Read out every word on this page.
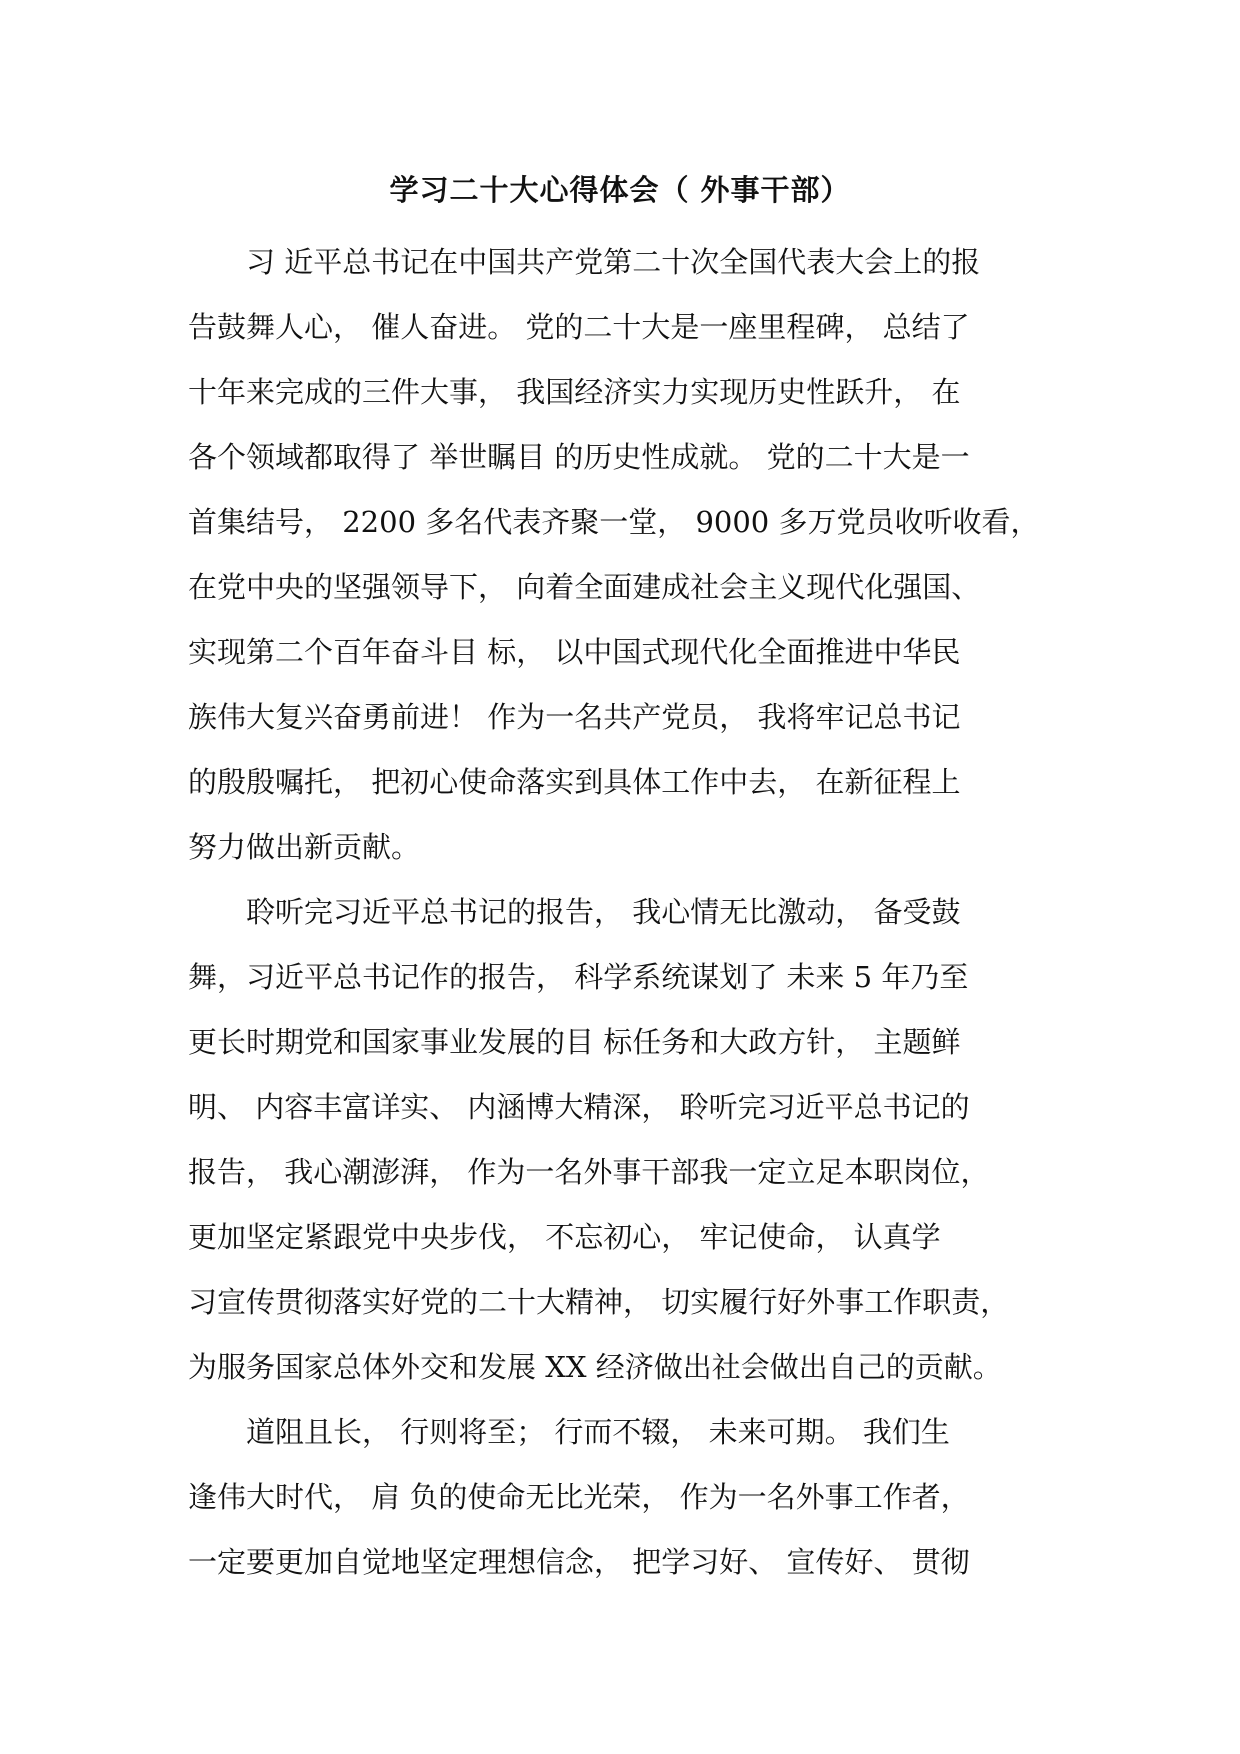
学习二十大心得体会（ 外事干部）
　　习 近平总书记在中国共产党第二十次全国代表大会上的报
告鼓舞人心， 催人奋进。 党的二十大是一座里程碑， 总结了
十年来完成的三件大事， 我国经济实力实现历史性跃升， 在
各个领域都取得了 举世瞩目 的历史性成就。 党的二十大是一
首集结号， 2200 多名代表齐聚一堂， 9000 多万党员收听收看，
在党中央的坚强领导下， 向着全面建成社会主义现代化强国、
实现第二个百年奋斗目 标， 以中国式现代化全面推进中华民
族伟大复兴奋勇前进！ 作为一名共产党员， 我将牢记总书记
的殷殷嘱托， 把初心使命落实到具体工作中去， 在新征程上
努力做出新贡献。
　　聆听完习近平总书记的报告， 我心情无比激动， 备受鼓
舞，习近平总书记作的报告， 科学系统谋划了 未来 5 年乃至
更长时期党和国家事业发展的目 标任务和大政方针， 主题鲜
明、 内容丰富详实、 内涵博大精深， 聆听完习近平总书记的
报告， 我心潮澎湃， 作为一名外事干部我一定立足本职岗位，
更加坚定紧跟党中央步伐， 不忘初心， 牢记使命， 认真学
习宣传贯彻落实好党的二十大精神， 切实履行好外事工作职责，
为服务国家总体外交和发展 XX 经济做出社会做出自己的贡献。
　　道阻且长， 行则将至； 行而不辍， 未来可期。 我们生
逢伟大时代， 肩 负的使命无比光荣， 作为一名外事工作者，
一定要更加自觉地坚定理想信念， 把学习好、 宣传好、 贯彻
